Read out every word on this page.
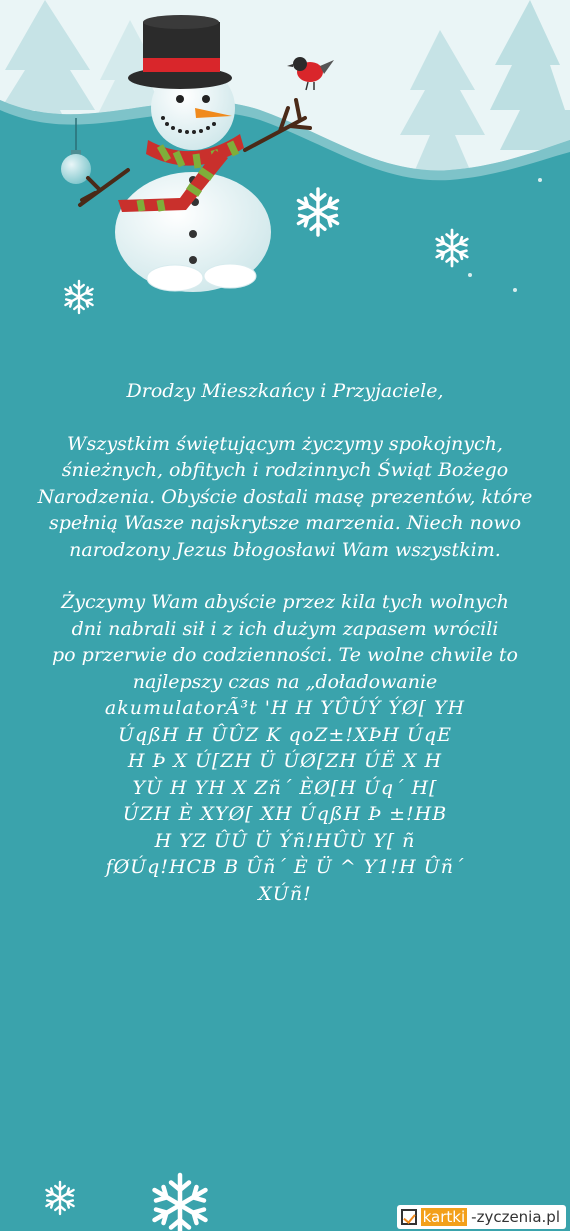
Drodzy Mieszkańcy i Przyjaciele,

Wszystkim świętującym życzymy spokojnych, śnieżnych, obfitych i rodzinnych Świąt Bożego Narodzenia. Obyście dostali masę prezentów, które spełnią Wasze najskrytsze marzenia. Niech nowo narodzony Jezus błogosławi Wam wszystkim.

Życzymy Wam abyście przez kila tych wolnych

dni nabrali sił i z ich dużym zapasem wrócili

po przerwie do codzienności. Te wolne chwile to

najlepszy czas na „doładowanie

akumulatorÃ³t 'H H YÛÚÝ ÝØ[ YH

ÚqßH H ÛÛZ K qoZ±!XÞH ÚqE

H Þ X Ú[ZH Ü ÚØ[ZH ÚË X H

YÙ H YH X Zñ´ ÈØ[H Úq´ H[

ÚZH È XYØ[ XH ÚqßH Þ ±!HB

H YZ ÛÛ Ü Ýñ!HÛÙ Y[ ñ

fØÚq!HCB B Ûñ´ È Ü ^ Y1!H Ûñ´

XÚñ!

kartki -zyczenia.pl
